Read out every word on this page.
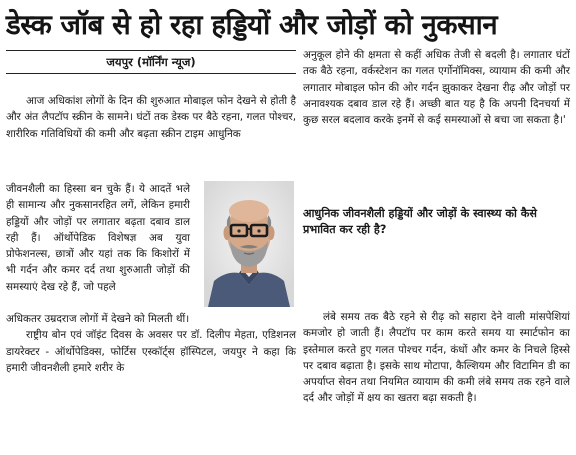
डेस्क जॉब से हो रहा हड्डियों और जोड़ों को नुकसान
जयपुर (मॉर्निंग न्यूज)

आज अधिकांश लोगों के दिन की शुरुआत मोबाइल फोन देखने से होती है और अंत लैपटॉप स्क्रीन के सामने। घंटों तक डेस्क पर बैठे रहना, गलत पोश्चर, शारीरिक गतिविधियों की कमी और बढ़ता स्क्रीन टाइम आधुनिक

जीवनशैली का हिस्सा बन चुके हैं। ये आदतें भले ही सामान्य और नुकसानरहित लगें, लेकिन हमारी हड्डियों और जोड़ों पर लगातार बढ़ता दबाव डाल रही हैं। ऑर्थोपेडिक विशेषज्ञ अब युवा प्रोफेशनल्स, छात्रों और यहां तक कि किशोरों में भी गर्दन और कमर दर्द तथा शुरुआती जोड़ों की समस्याएं देख रहे हैं, जो पहले

अधिकतर उम्रदराज लोगों में देखने को मिलती थीं।

राष्ट्रीय बोन एवं जॉइंट दिवस के अवसर पर डॉ. दिलीप मेहता, एडिशनल डायरेक्टर - ऑर्थोपेडिक्स, फोर्टिस एस्कॉर्ट्स हॉस्पिटल, जयपुर ने कहा कि हमारी जीवनशैली हमारे शरीर के

अनुकूल होने की क्षमता से कहीं अधिक तेजी से बदली है। लगातार घंटों तक बैठे रहना, वर्कस्टेशन का गलत एर्गोनॉमिक्स, व्यायाम की कमी और लगातार मोबाइल फोन की ओर गर्दन झुकाकर देखना रीढ़ और जोड़ों पर अनावश्यक दबाव डाल रहे हैं। अच्छी बात यह है कि अपनी दिनचर्या में कुछ सरल बदलाव करके इनमें से कई समस्याओं से बचा जा सकता है।'

आधुनिक जीवनशैली हड्डियों और जोड़ों के स्वास्थ्य को कैसे प्रभावित कर रही है?

लंबे समय तक बैठे रहने से रीढ़ को सहारा देने वाली मांसपेशियां कमजोर हो जाती हैं। लैपटॉप पर काम करते समय या स्मार्टफोन का इस्तेमाल करते हुए गलत पोश्चर गर्दन, कंधों और कमर के निचले हिस्से पर दबाव बढ़ाता है। इसके साथ मोटापा, कैल्शियम और विटामिन डी का अपर्याप्त सेवन तथा नियमित व्यायाम की कमी लंबे समय तक रहने वाले दर्द और जोड़ों में क्षय का खतरा बढ़ा सकती है।
